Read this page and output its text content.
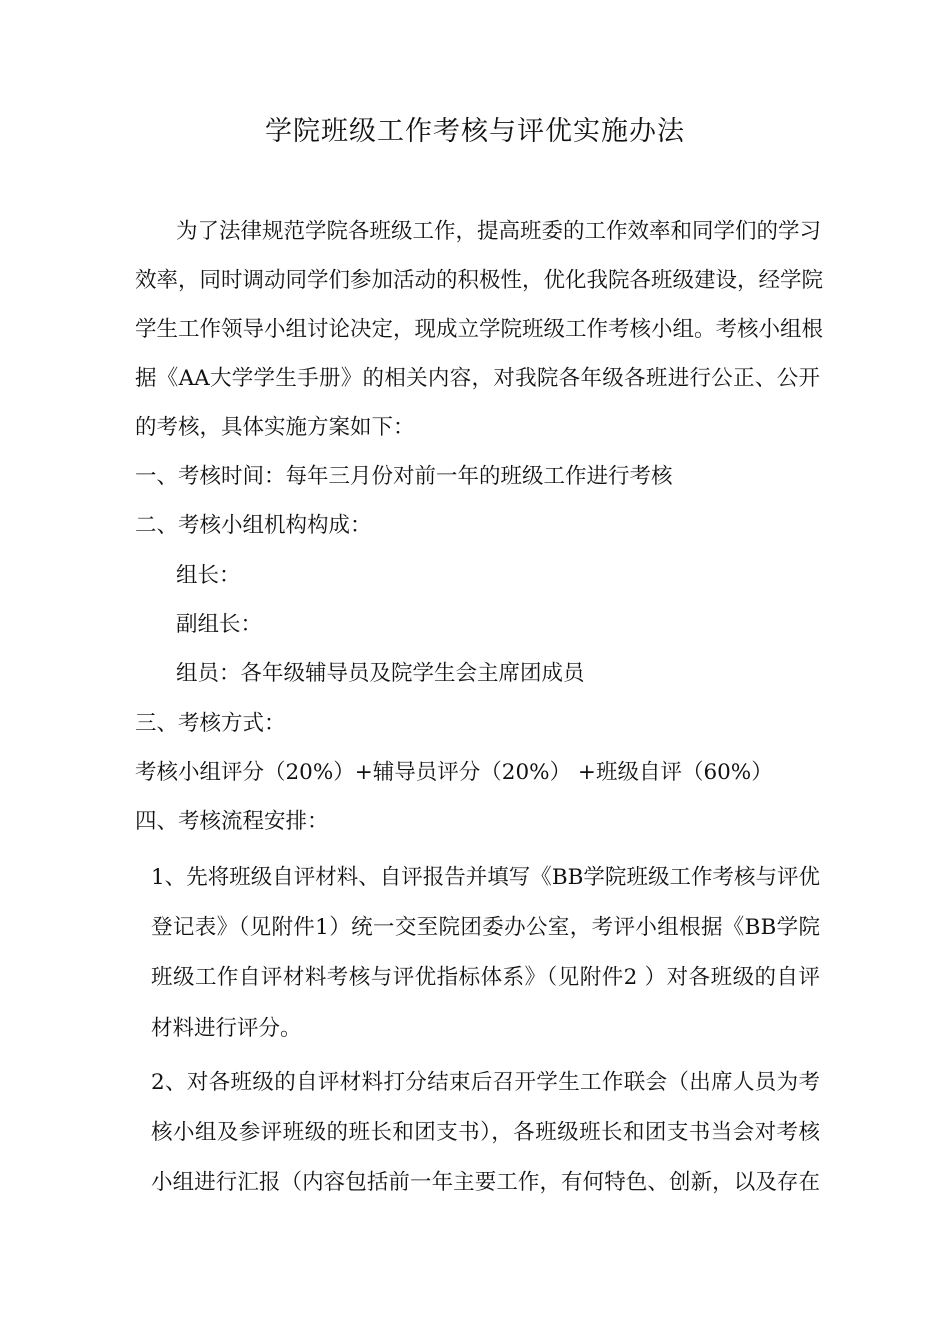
学院班级工作考核与评优实施办法
为了法律规范学院各班级工作，提高班委的工作效率和同学们的学习
效率，同时调动同学们参加活动的积极性，优化我院各班级建设，经学院
学生工作领导小组讨论决定，现成立学院班级工作考核小组。考核小组根
据《AA大学学生手册》的相关内容，对我院各年级各班进行公正、公开
的考核，具体实施方案如下：
一、考核时间：每年三月份对前一年的班级工作进行考核
二、考核小组机构构成：
组长：
副组长：
组员：各年级辅导员及院学生会主席团成员
三、考核方式：
考核小组评分（20%）+辅导员评分（20%） +班级自评（60%）
四、考核流程安排：
1、先将班级自评材料、自评报告并填写《BB学院班级工作考核与评优
登记表》（见附件1）统一交至院团委办公室，考评小组根据《BB学院
班级工作自评材料考核与评优指标体系》（见附件2 ）对各班级的自评
材料进行评分。
2、对各班级的自评材料打分结束后召开学生工作联会（出席人员为考
核小组及参评班级的班长和团支书），各班级班长和团支书当会对考核
小组进行汇报（内容包括前一年主要工作，有何特色、创新，以及存在
